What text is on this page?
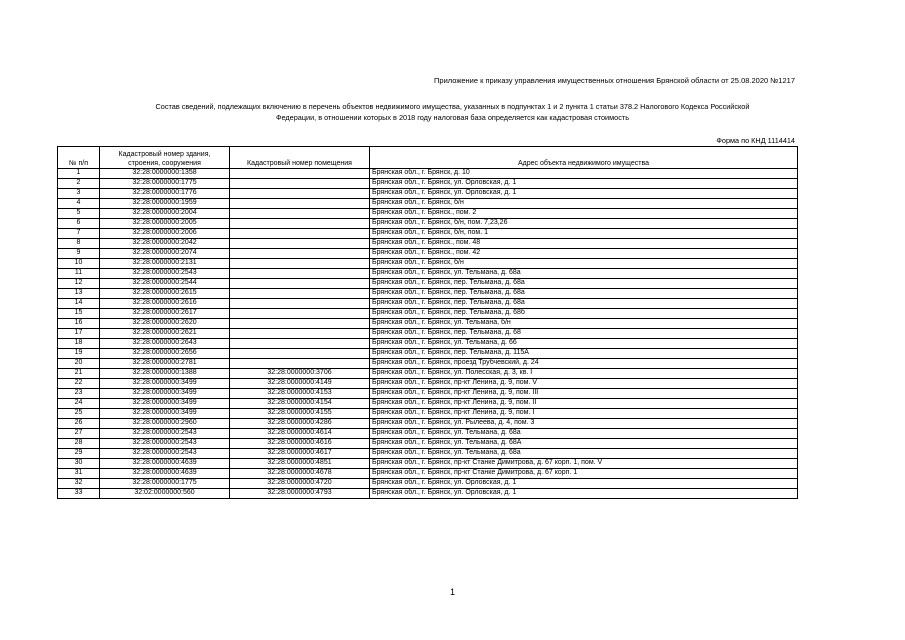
Приложение к приказу управления имущественных отношения Брянской области от 25.08.2020 №1217
Состав сведений, подлежащих включению в перечень объектов недвижимого имущества, указанных в подпунктах 1 и 2 пункта 1 статьи 378.2 Налогового Кодекса Российской
Федерации, в отношении которых в 2018 году налоговая база определяется как кадастровая стоимость
Форма по КНД 1114414
№ п/п	Кадастровый номер здания, строения, сооружения	Кадастровый номер помещения	Адрес объекта недвижимого имущества
1	32:28:0000000:1358		Брянская обл., г. Брянск, д. 10
2	32:28:0000000:1775		Брянская обл., г. Брянск, ул. Орловская, д. 1
3	32:28:0000000:1776		Брянская обл., г. Брянск, ул. Орловская, д. 1
4	32:28:0000000:1959		Брянская обл., г. Брянск, б/н
5	32:28:0000000:2004		Брянская обл., г. Брянск., пом. 2
6	32:28:0000000:2005		Брянская обл., г. Брянск, б/н, пом. 7,23,26
7	32:28:0000000:2006		Брянская обл., г. Брянск, б/н, пом. 1
8	32:28:0000000:2042		Брянская обл., г. Брянск., пом. 48
9	32:28:0000000:2074		Брянская обл., г. Брянск., пом. 42
10	32:28:0000000:2131		Брянская обл., г. Брянск, б/н
11	32:28:0000000:2543		Брянская обл., г. Брянск, ул. Тельмана, д. 68а
12	32:28:0000000:2544		Брянская обл., г. Брянск, пер. Тельмана, д. 68а
13	32:28:0000000:2615		Брянская обл., г. Брянск, пер. Тельмана, д. 68а
14	32:28:0000000:2616		Брянская обл., г. Брянск, пер. Тельмана, д. 68а
15	32:28:0000000:2617		Брянская обл., г. Брянск, пер. Тельмана, д. 68б
16	32:28:0000000:2620		Брянская обл., г. Брянск, ул. Тельмана, б/н
17	32:28:0000000:2621		Брянская обл., г. Брянск, пер. Тельмана, д. 68
18	32:28:0000000:2643		Брянская обл., г. Брянск, ул. Тельмана, д. 66
19	32:28:0000000:2656		Брянская обл., г. Брянск, пер. Тельмана, д. 115А
20	32:28:0000000:2781		Брянская обл., г. Брянск, проезд Трубчевский, д. 24
21	32:28:0000000:1388	32:28:0000000:3706	Брянская обл., г. Брянск, ул. Полесская, д. 3, кв. I
22	32:28:0000000:3499	32:28:0000000:4149	Брянская обл., г. Брянск, пр-кт Ленина, д. 9, пом. V
23	32:28:0000000:3499	32:28:0000000:4153	Брянская обл., г. Брянск, пр-кт Ленина, д. 9, пом. III
24	32:28:0000000:3499	32:28:0000000:4154	Брянская обл., г. Брянск, пр-кт Ленина, д. 9, пом. II
25	32:28:0000000:3499	32:28:0000000:4155	Брянская обл., г. Брянск, пр-кт Ленина, д. 9, пом. I
26	32:28:0000000:2960	32:28:0000000:4286	Брянская обл., г. Брянск, ул. Рылеева, д. 4, пом. 3
27	32:28:0000000:2543	32:28:0000000:4614	Брянская обл., г. Брянск, ул. Тельмана, д. 68а
28	32:28:0000000:2543	32:28:0000000:4616	Брянская обл., г. Брянск, ул. Тельмана, д. 68А
29	32:28:0000000:2543	32:28:0000000:4617	Брянская обл., г. Брянск, ул. Тельмана, д. 68а
30	32:28:0000000:4639	32:28:0000000:4851	Брянская обл., г. Брянск, пр-кт Станке Димитрова, д. 67 корп. 1, пом. V
31	32:28:0000000:4639	32:28:0000000:4678	Брянская обл., г. Брянск, пр-кт Станке Димитрова, д. 67 корп. 1
32	32:28:0000000:1775	32:28:0000000:4720	Брянская обл., г. Брянск, ул. Орловская, д. 1
33	32:02:0000000:560	32:28:0000000:4793	Брянская обл., г. Брянск, ул. Орловская, д. 1
1
